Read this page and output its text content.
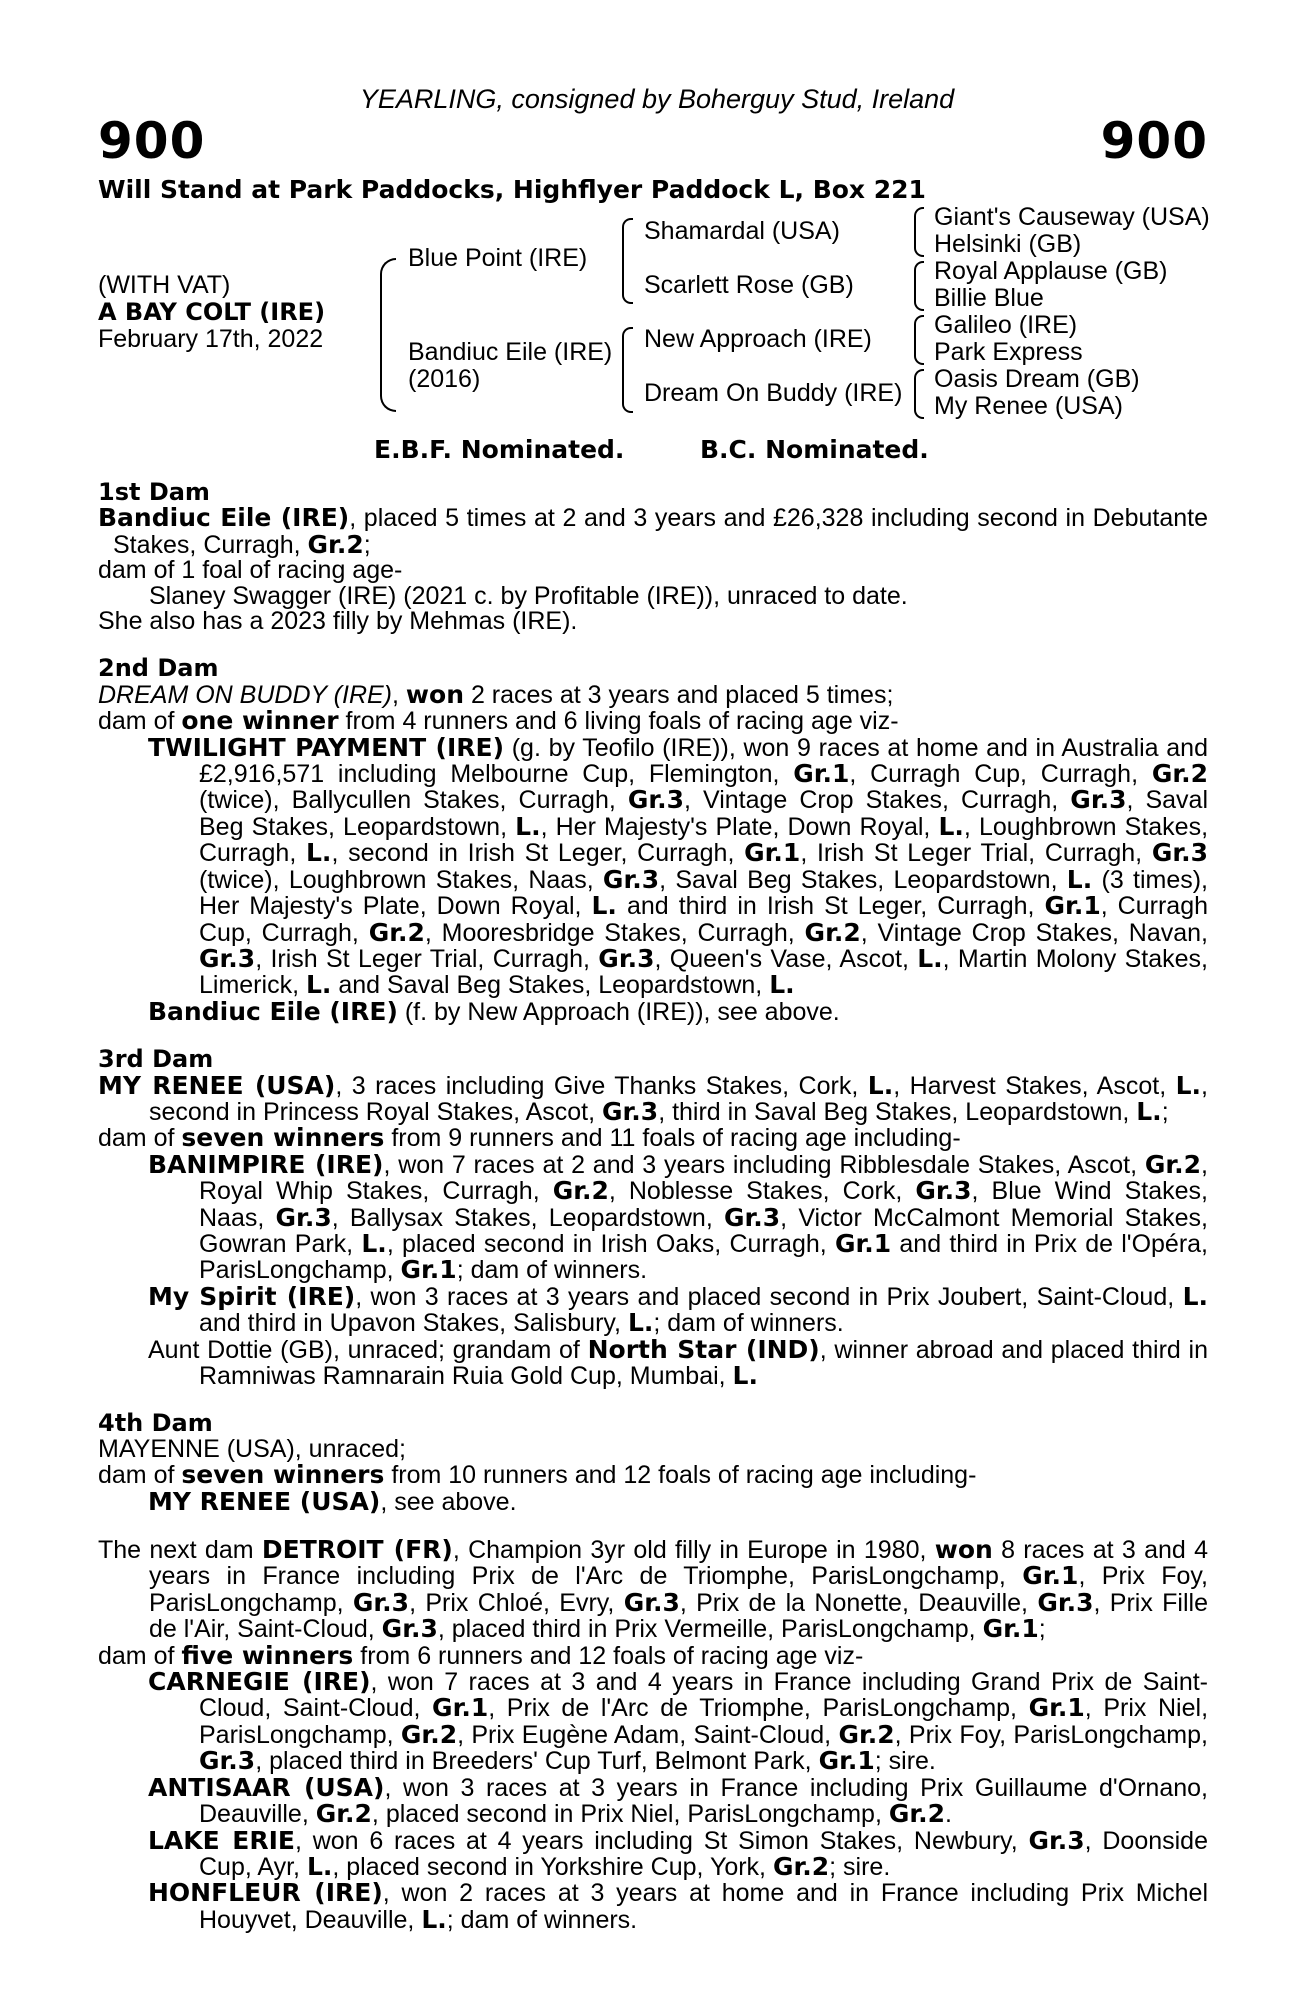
YEARLING, consigned by Boherguy Stud, Ireland
900	900
Will Stand at Park Paddocks, Highflyer Paddock L, Box 221
(WITH VAT)
A BAY COLT (IRE)
February 17th, 2022
Blue Point (IRE)
Bandiuc Eile (IRE)
(2016)
Shamardal (USA)
Scarlett Rose (GB)
New Approach (IRE)
Dream On Buddy (IRE)
Giant's Causeway (USA)
Helsinki (GB)
Royal Applause (GB)
Billie Blue
Galileo (IRE)
Park Express
Oasis Dream (GB)
My Renee (USA)
E.B.F. Nominated.	B.C. Nominated.
1st Dam

Bandiuc Eile (IRE), placed 5 times at 2 and 3 years and £26,328 including second in Debutante Stakes, Curragh, Gr.2;

dam of 1 foal of racing age-

Slaney Swagger (IRE) (2021 c. by Profitable (IRE)), unraced to date.

She also has a 2023 filly by Mehmas (IRE).

2nd Dam

DREAM ON BUDDY (IRE), won 2 races at 3 years and placed 5 times;

dam of one winner from 4 runners and 6 living foals of racing age viz-

TWILIGHT PAYMENT (IRE) (g. by Teofilo (IRE)), won 9 races at home and in Australia and £2,916,571 including Melbourne Cup, Flemington, Gr.1, Curragh Cup, Curragh, Gr.2 (twice), Ballycullen Stakes, Curragh, Gr.3, Vintage Crop Stakes, Curragh, Gr.3, Saval Beg Stakes, Leopardstown, L., Her Majesty's Plate, Down Royal, L., Loughbrown Stakes, Curragh, L., second in Irish St Leger, Curragh, Gr.1, Irish St Leger Trial, Curragh, Gr.3 (twice), Loughbrown Stakes, Naas, Gr.3, Saval Beg Stakes, Leopardstown, L. (3 times), Her Majesty's Plate, Down Royal, L. and third in Irish St Leger, Curragh, Gr.1, Curragh Cup, Curragh, Gr.2, Mooresbridge Stakes, Curragh, Gr.2, Vintage Crop Stakes, Navan, Gr.3, Irish St Leger Trial, Curragh, Gr.3, Queen's Vase, Ascot, L., Martin Molony Stakes, Limerick, L. and Saval Beg Stakes, Leopardstown, L.

Bandiuc Eile (IRE) (f. by New Approach (IRE)), see above.

3rd Dam

MY RENEE (USA), 3 races including Give Thanks Stakes, Cork, L., Harvest Stakes, Ascot, L., second in Princess Royal Stakes, Ascot, Gr.3, third in Saval Beg Stakes, Leopardstown, L.;

dam of seven winners from 9 runners and 11 foals of racing age including-

BANIMPIRE (IRE), won 7 races at 2 and 3 years including Ribblesdale Stakes, Ascot, Gr.2, Royal Whip Stakes, Curragh, Gr.2, Noblesse Stakes, Cork, Gr.3, Blue Wind Stakes, Naas, Gr.3, Ballysax Stakes, Leopardstown, Gr.3, Victor McCalmont Memorial Stakes, Gowran Park, L., placed second in Irish Oaks, Curragh, Gr.1 and third in Prix de l'Opéra, ParisLongchamp, Gr.1; dam of winners.

My Spirit (IRE), won 3 races at 3 years and placed second in Prix Joubert, Saint-Cloud, L. and third in Upavon Stakes, Salisbury, L.; dam of winners.

Aunt Dottie (GB), unraced; grandam of North Star (IND), winner abroad and placed third in Ramniwas Ramnarain Ruia Gold Cup, Mumbai, L.

4th Dam

MAYENNE (USA), unraced;

dam of seven winners from 10 runners and 12 foals of racing age including-

MY RENEE (USA), see above.

The next dam DETROIT (FR), Champion 3yr old filly in Europe in 1980, won 8 races at 3 and 4 years in France including Prix de l'Arc de Triomphe, ParisLongchamp, Gr.1, Prix Foy, ParisLongchamp, Gr.3, Prix Chloé, Evry, Gr.3, Prix de la Nonette, Deauville, Gr.3, Prix Fille de l'Air, Saint-Cloud, Gr.3, placed third in Prix Vermeille, ParisLongchamp, Gr.1;

dam of five winners from 6 runners and 12 foals of racing age viz-

CARNEGIE (IRE), won 7 races at 3 and 4 years in France including Grand Prix de Saint-Cloud, Saint-Cloud, Gr.1, Prix de l'Arc de Triomphe, ParisLongchamp, Gr.1, Prix Niel, ParisLongchamp, Gr.2, Prix Eugène Adam, Saint-Cloud, Gr.2, Prix Foy, ParisLongchamp, Gr.3, placed third in Breeders' Cup Turf, Belmont Park, Gr.1; sire.

ANTISAAR (USA), won 3 races at 3 years in France including Prix Guillaume d'Ornano, Deauville, Gr.2, placed second in Prix Niel, ParisLongchamp, Gr.2.

LAKE ERIE, won 6 races at 4 years including St Simon Stakes, Newbury, Gr.3, Doonside Cup, Ayr, L., placed second in Yorkshire Cup, York, Gr.2; sire.

HONFLEUR (IRE), won 2 races at 3 years at home and in France including Prix Michel Houyvet, Deauville, L.; dam of winners.
